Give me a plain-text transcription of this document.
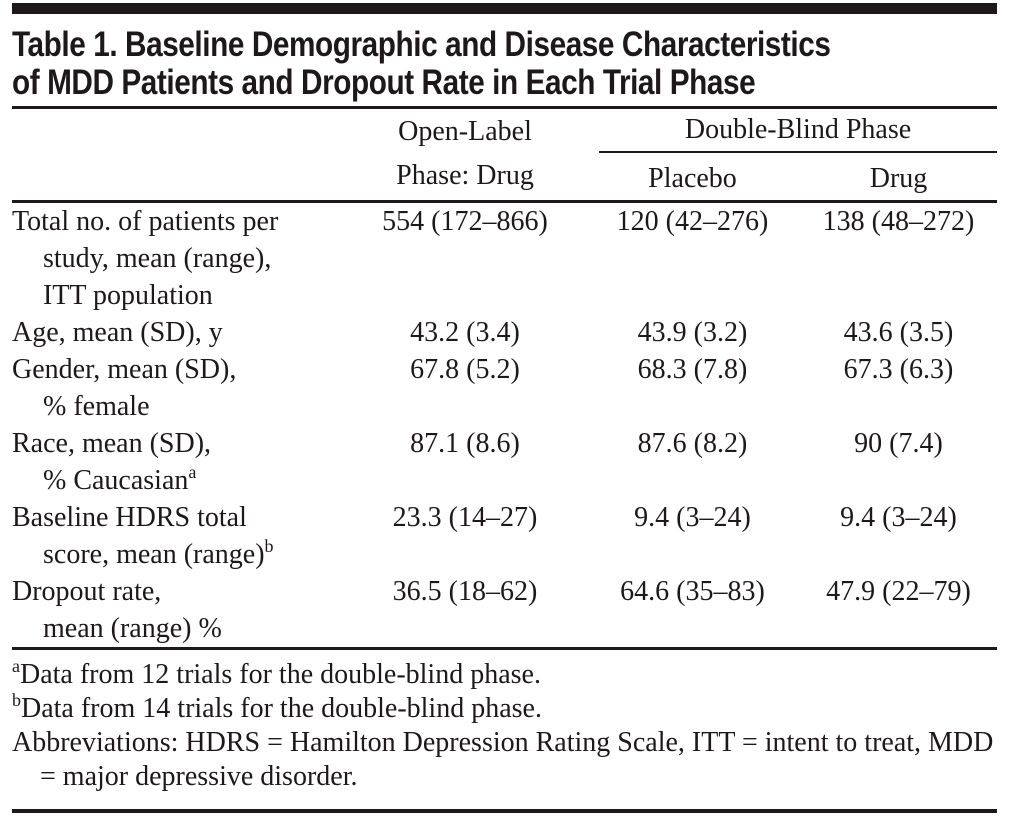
Table 1. Baseline Demographic and Disease Characteristics
of MDD Patients and Dropout Rate in Each Trial Phase

	Open-Label
Phase: Drug	Double-Blind Phase	

		Placebo	Drug

Total no. of patients per
study, mean (range),
ITT population	554 (172–866)	120 (42–276)	138 (48–272)

Age, mean (SD), y	43.2 (3.4)	43.9 (3.2)	43.6 (3.5)

Gender, mean (SD),
% female	67.8 (5.2)	68.3 (7.8)	67.3 (6.3)

Race, mean (SD),
% Caucasian$^a$	87.1 (8.6)	87.6 (8.2)	90 (7.4)

Baseline HDRS total
score, mean (range)$^b$	23.3 (14–27)	9.4 (3–24)	9.4 (3–24)

Dropout rate,
mean (range) %	36.5 (18–62)	64.6 (35–83)	47.9 (22–79)
$^a$Data from 12 trials for the double-blind phase.
$^b$Data from 14 trials for the double-blind phase.
Abbreviations: HDRS = Hamilton Depression Rating Scale, ITT = intent to treat, MDD = major depressive disorder.
